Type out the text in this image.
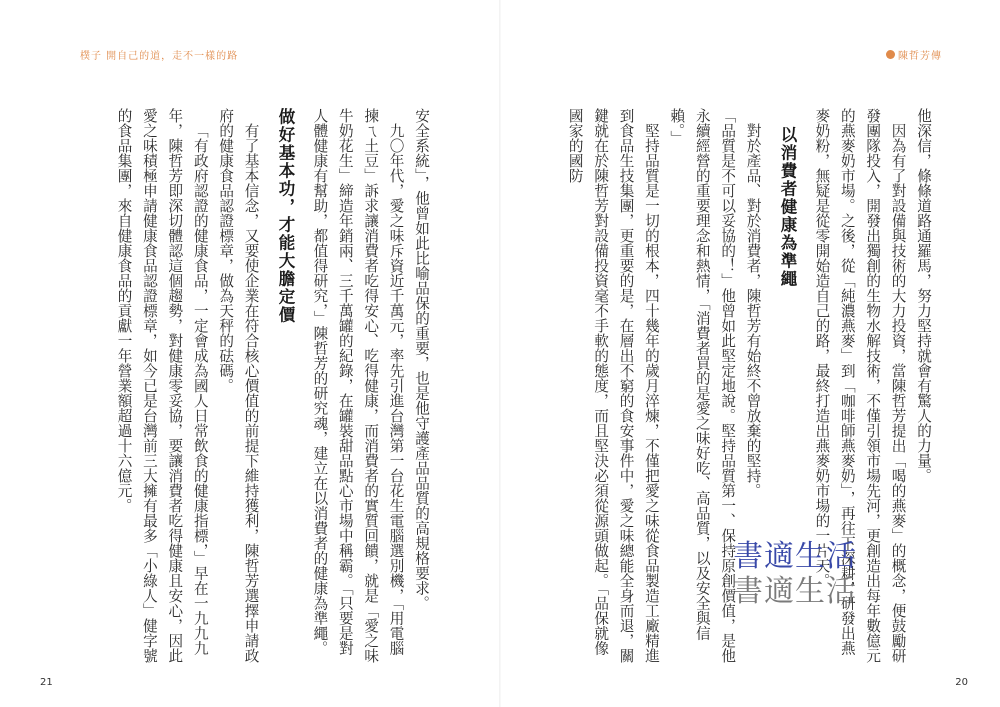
樸子 開自己的道，走不一樣的路	陳哲芳傳

他深信，條條道路通羅馬，努力堅持就會有驚人的力量。

因為有了對設備與技術的大力投資，當陳哲芳提出「喝的燕麥」的概念，便鼓勵研發團隊投入，開發出獨創的生物水解技術，不僅引領市場先河，更創造出每年數億元的燕麥奶市場。之後，從「純濃燕麥」到「咖啡師燕麥奶」，再往下深耕，研發出燕麥奶粉，無疑是從零開始造自己的路，最終打造出燕麥奶市場的一片天。

以消費者健康為準繩

對於產品、對於消費者，陳哲芳有始終不曾放棄的堅持。

「品質是不可以妥協的！」他曾如此堅定地說。堅持品質第一、保持原創價值，是他永續經營的重要理念和熱情，「消費者買的是愛之味好吃、高品質，以及安全與信賴。」

堅持品質是一切的根本，四十幾年的歲月淬煉，不僅把愛之味從食品製造工廠精進到食品生技集團，更重要的是，在層出不窮的食安事件中，愛之味總能全身而退，關鍵就在於陳哲芳對設備投資毫不手軟的態度，而且堅決必須從源頭做起。「品保就像國家的國防

安全系統」，他曾如此比喻品保的重要，也是他守護產品品質的高規格要求。

九〇年代，愛之味斥資近千萬元，率先引進台灣第一台花生電腦選別機，「用電腦揀ㄟ土豆」訴求讓消費者吃得安心、吃得健康，而消費者的實質回饋，就是「愛之味牛奶花生」締造年銷兩、三千萬罐的紀錄，在罐裝甜品點心市場中稱霸。「只要是對人體健康有幫助，都值得研究，」陳哲芳的研究魂，建立在以消費者的健康為準繩。

做好基本功，才能大膽定價

有了基本信念，又要使企業在符合核心價值的前提下維持獲利，陳哲芳選擇申請政府的健康食品認證標章，做為天秤的砝碼。

「有政府認證的健康食品，一定會成為國人日常飲食的健康指標，」早在一九九九年，陳哲芳即深切體認這個趨勢，對健康零妥協，要讓消費者吃得健康且安心，因此愛之味積極申請健康食品認證標章，如今已是台灣前三大擁有最多「小綠人」健字號的食品集團，來自健康食品的貢獻一年營業額超過十六億元。

書適生活
書適生活
21	20
